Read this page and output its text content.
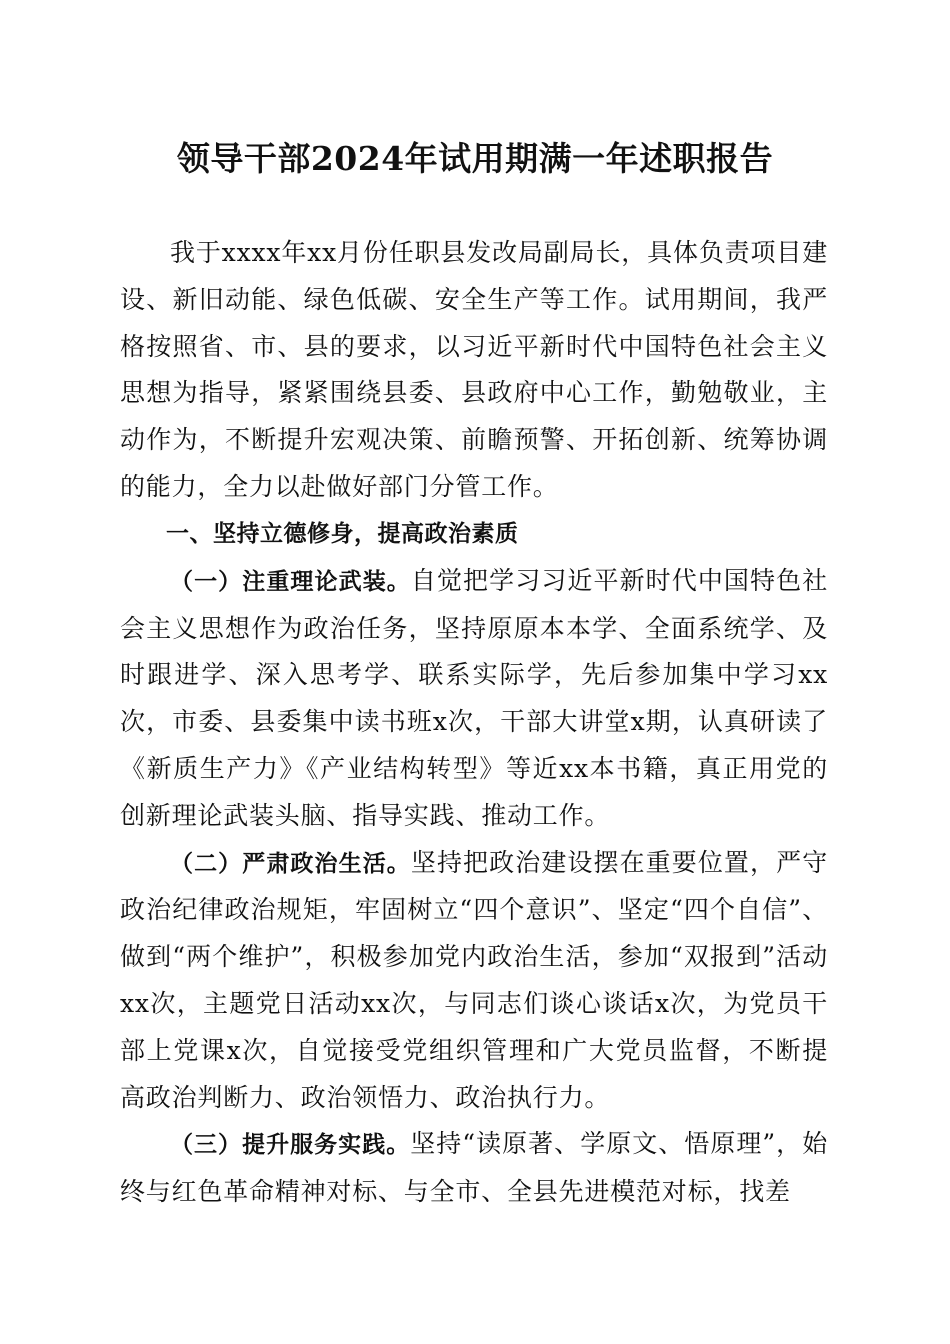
领导干部2024年试用期满一年述职报告

我于xxxx年xx月份任职县发改局副局长，具体负责项目建设、新旧动能、绿色低碳、安全生产等工作。试用期间，我严格按照省、市、县的要求，以习近平新时代中国特色社会主义思想为指导，紧紧围绕县委、县政府中心工作，勤勉敬业，主动作为，不断提升宏观决策、前瞻预警、开拓创新、统筹协调的能力，全力以赴做好部门分管工作。

一、坚持立德修身，提高政治素质

（一）注重理论武装。自觉把学习习近平新时代中国特色社会主义思想作为政治任务，坚持原原本本学、全面系统学、及时跟进学、深入思考学、联系实际学，先后参加集中学习xx次，市委、县委集中读书班x次，干部大讲堂x期，认真研读了《新质生产力》《产业结构转型》等近xx本书籍，真正用党的创新理论武装头脑、指导实践、推动工作。

（二）严肃政治生活。坚持把政治建设摆在重要位置，严守政治纪律政治规矩，牢固树立“四个意识”、坚定“四个自信”、做到“两个维护”，积极参加党内政治生活，参加“双报到”活动xx次，主题党日活动xx次，与同志们谈心谈话x次，为党员干部上党课x次，自觉接受党组织管理和广大党员监督，不断提高政治判断力、政治领悟力、政治执行力。

（三）提升服务实践。坚持“读原著、学原文、悟原理”，始终与红色革命精神对标、与全市、全县先进模范对标，找差
